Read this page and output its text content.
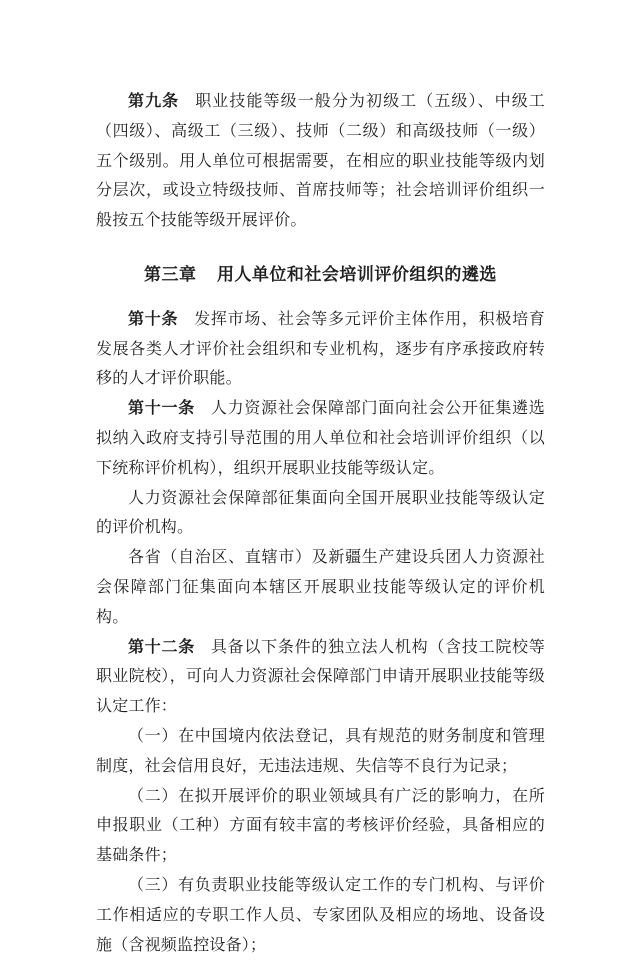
第九条 职业技能等级一般分为初级工（五级）、中级工（四级）、高级工（三级）、技师（二级）和高级技师（一级）五个级别。用人单位可根据需要，在相应的职业技能等级内划分层次，或设立特级技师、首席技师等；社会培训评价组织一般按五个技能等级开展评价。

第三章 用人单位和社会培训评价组织的遴选

第十条 发挥市场、社会等多元评价主体作用，积极培育发展各类人才评价社会组织和专业机构，逐步有序承接政府转移的人才评价职能。

第十一条 人力资源社会保障部门面向社会公开征集遴选拟纳入政府支持引导范围的用人单位和社会培训评价组织（以下统称评价机构），组织开展职业技能等级认定。

人力资源社会保障部征集面向全国开展职业技能等级认定的评价机构。

各省（自治区、直辖市）及新疆生产建设兵团人力资源社会保障部门征集面向本辖区开展职业技能等级认定的评价机构。

第十二条 具备以下条件的独立法人机构（含技工院校等职业院校），可向人力资源社会保障部门申请开展职业技能等级认定工作：

（一）在中国境内依法登记，具有规范的财务制度和管理制度，社会信用良好，无违法违规、失信等不良行为记录；

（二）在拟开展评价的职业领域具有广泛的影响力，在所申报职业（工种）方面有较丰富的考核评价经验，具备相应的基础条件；

（三）有负责职业技能等级认定工作的专门机构、与评价工作相适应的专职工作人员、专家团队及相应的场地、设备设施（含视频监控设备）；
